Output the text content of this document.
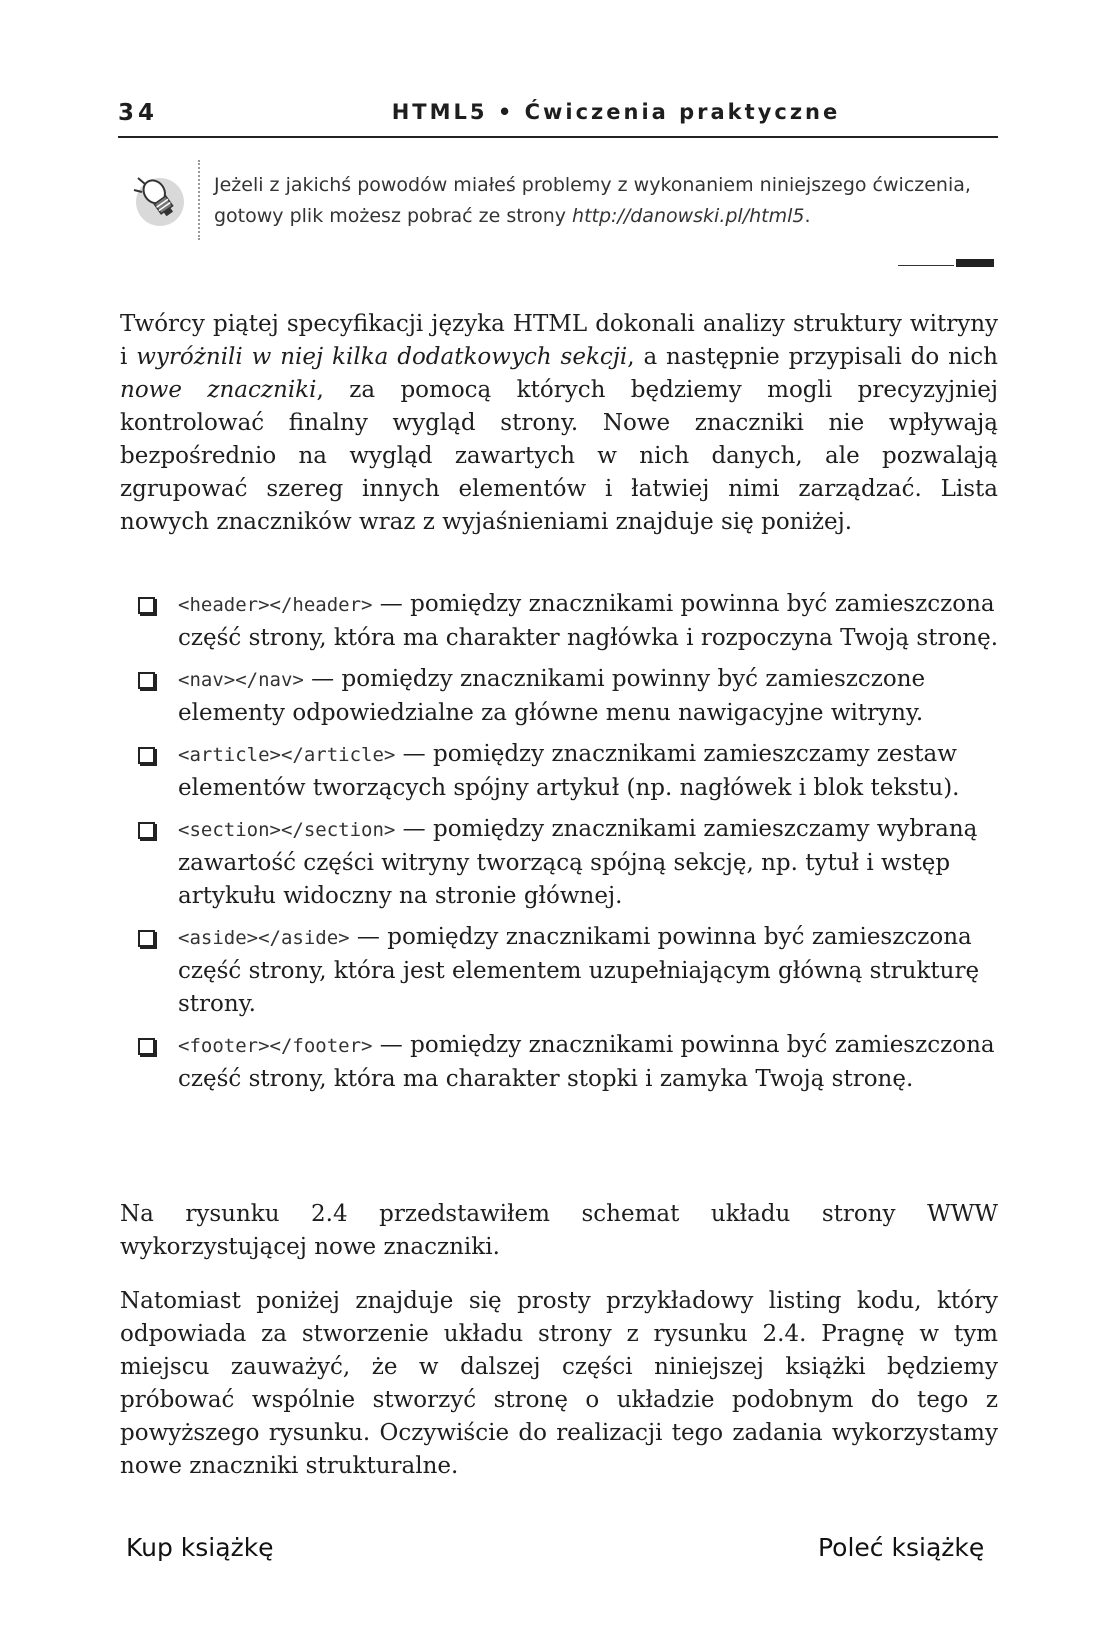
34	HTML5 • Ćwiczenia praktyczne
Jeżeli z jakichś powodów miałeś problemy z wykonaniem niniejszego ćwiczenia, gotowy plik możesz pobrać ze strony http://danowski.pl/html5.
Twórcy piątej specyfikacji języka HTML dokonali analizy struktury witryny i wyróżnili w niej kilka dodatkowych sekcji, a następnie przypisali do nich nowe znaczniki, za pomocą których będziemy mogli precyzyjniej kontrolować finalny wygląd strony. Nowe znaczniki nie wpływają bezpośrednio na wygląd zawartych w nich danych, ale pozwalają zgrupować szereg innych elementów i łatwiej nimi zarządzać. Lista nowych znaczników wraz z wyjaśnieniami znajduje się poniżej.
<header></header> — pomiędzy znacznikami powinna być zamieszczona część strony, która ma charakter nagłówka i rozpoczyna Twoją stronę.
<nav></nav> — pomiędzy znacznikami powinny być zamieszczone elementy odpowiedzialne za główne menu nawigacyjne witryny.
<article></article> — pomiędzy znacznikami zamieszczamy zestaw elementów tworzących spójny artykuł (np. nagłówek i blok tekstu).
<section></section> — pomiędzy znacznikami zamieszczamy wybraną zawartość części witryny tworzącą spójną sekcję, np. tytuł i wstęp artykułu widoczny na stronie głównej.
<aside></aside> — pomiędzy znacznikami powinna być zamieszczona część strony, która jest elementem uzupełniającym główną strukturę strony.
<footer></footer> — pomiędzy znacznikami powinna być zamieszczona część strony, która ma charakter stopki i zamyka Twoją stronę.
Na rysunku 2.4 przedstawiłem schemat układu strony WWW wykorzystującej nowe znaczniki.
Natomiast poniżej znajduje się prosty przykładowy listing kodu, który odpowiada za stworzenie układu strony z rysunku 2.4. Pragnę w tym miejscu zauważyć, że w dalszej części niniejszej książki będziemy próbować wspólnie stworzyć stronę o układzie podobnym do tego z powyższego rysunku. Oczywiście do realizacji tego zadania wykorzystamy nowe znaczniki strukturalne.
Kup książkę	Poleć książkę
